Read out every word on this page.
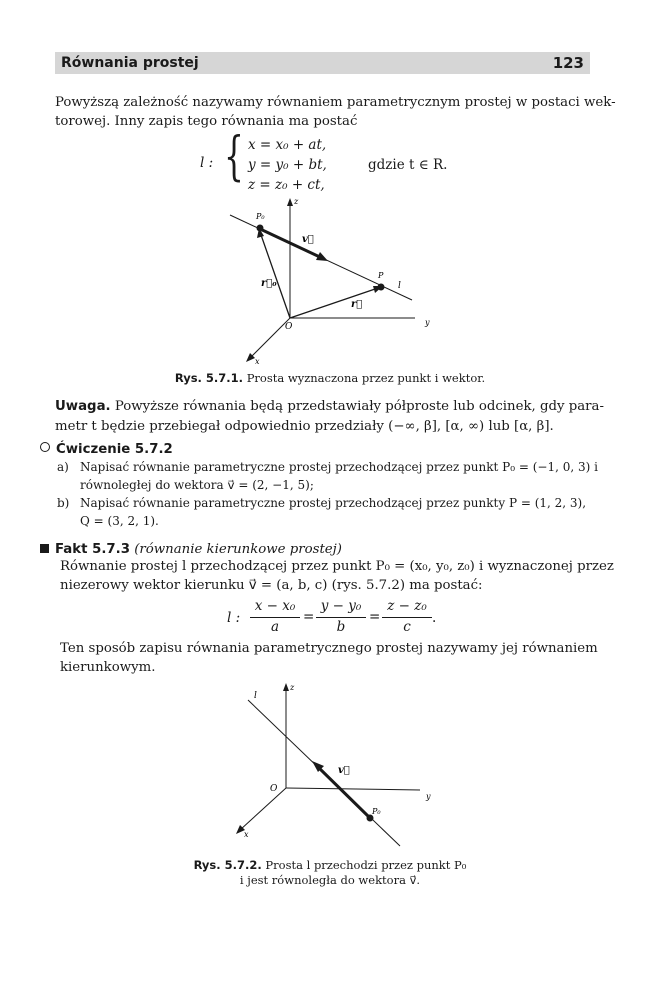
Równania prostej	123
Powyższą zależność nazywamy równaniem parametrycznym prostej w postaci wek-
torowej. Inny zapis tego równania ma postać
l : { x = x₀ + at,
y = y₀ + bt,
z = z₀ + ct,
gdzie t ∈ R.
z
y
x
O
P₀
P
l
v⃗
r⃗₀
r⃗
Rys. 5.7.1. Prosta wyznaczona przez punkt i wektor.
Uwaga. Powyższe równania będą przedstawiały półproste lub odcinek, gdy para-
metr t będzie przebiegał odpowiednio przedziały (−∞, β], [α, ∞) lub [α, β].
Ćwiczenie 5.7.2
a) Napisać równanie parametryczne prostej przechodzącej przez punkt P₀ = (−1, 0, 3) i
równoległej do wektora v⃗ = (2, −1, 5);
b) Napisać równanie parametryczne prostej przechodzącej przez punkty P = (1, 2, 3),
Q = (3, 2, 1).
Fakt 5.7.3 (równanie kierunkowe prostej)
Równanie prostej l przechodzącej przez punkt P₀ = (x₀, y₀, z₀) i wyznaczonej przez
niezerowy wektor kierunku v⃗ = (a, b, c) (rys. 5.7.2) ma postać:
l :
x − x₀
a
=
y − y₀
b
=
z − z₀
c
.
Ten sposób zapisu równania parametrycznego prostej nazywamy jej równaniem
kierunkowym.
z
y
x
O
P₀
l
v⃗
Rys. 5.7.2. Prosta l przechodzi przez punkt P₀
i jest równoległa do wektora v⃗.
